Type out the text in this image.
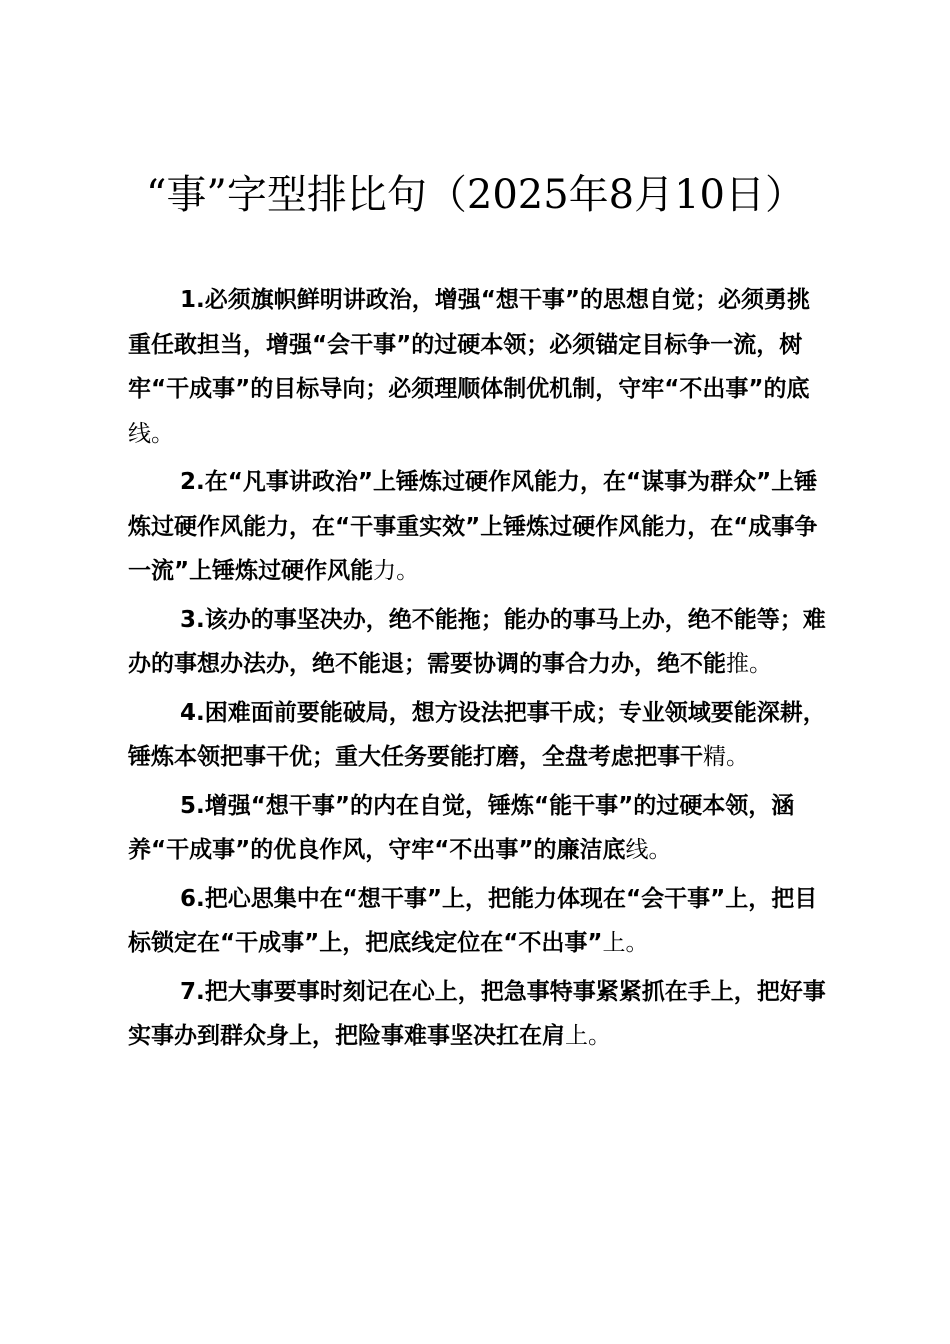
“事”字型排比句（2025年8月10日）

1.必须旗帜鲜明讲政治，增强“想干事”的思想自觉；必须勇挑重任敢担当，增强“会干事”的过硬本领；必须锚定目标争一流，树牢“干成事”的目标导向；必须理顺体制优机制，守牢“不出事”的底线。

2.在“凡事讲政治”上锤炼过硬作风能力，在“谋事为群众”上锤炼过硬作风能力，在“干事重实效”上锤炼过硬作风能力，在“成事争一流”上锤炼过硬作风能力。

3.该办的事坚决办，绝不能拖；能办的事马上办，绝不能等；难办的事想办法办，绝不能退；需要协调的事合力办，绝不能推。

4.困难面前要能破局，想方设法把事干成；专业领域要能深耕，锤炼本领把事干优；重大任务要能打磨，全盘考虑把事干精。

5.增强“想干事”的内在自觉，锤炼“能干事”的过硬本领，涵养“干成事”的优良作风，守牢“不出事”的廉洁底线。

6.把心思集中在“想干事”上，把能力体现在“会干事”上，把目标锁定在“干成事”上，把底线定位在“不出事”上。

7.把大事要事时刻记在心上，把急事特事紧紧抓在手上，把好事实事办到群众身上，把险事难事坚决扛在肩上。
